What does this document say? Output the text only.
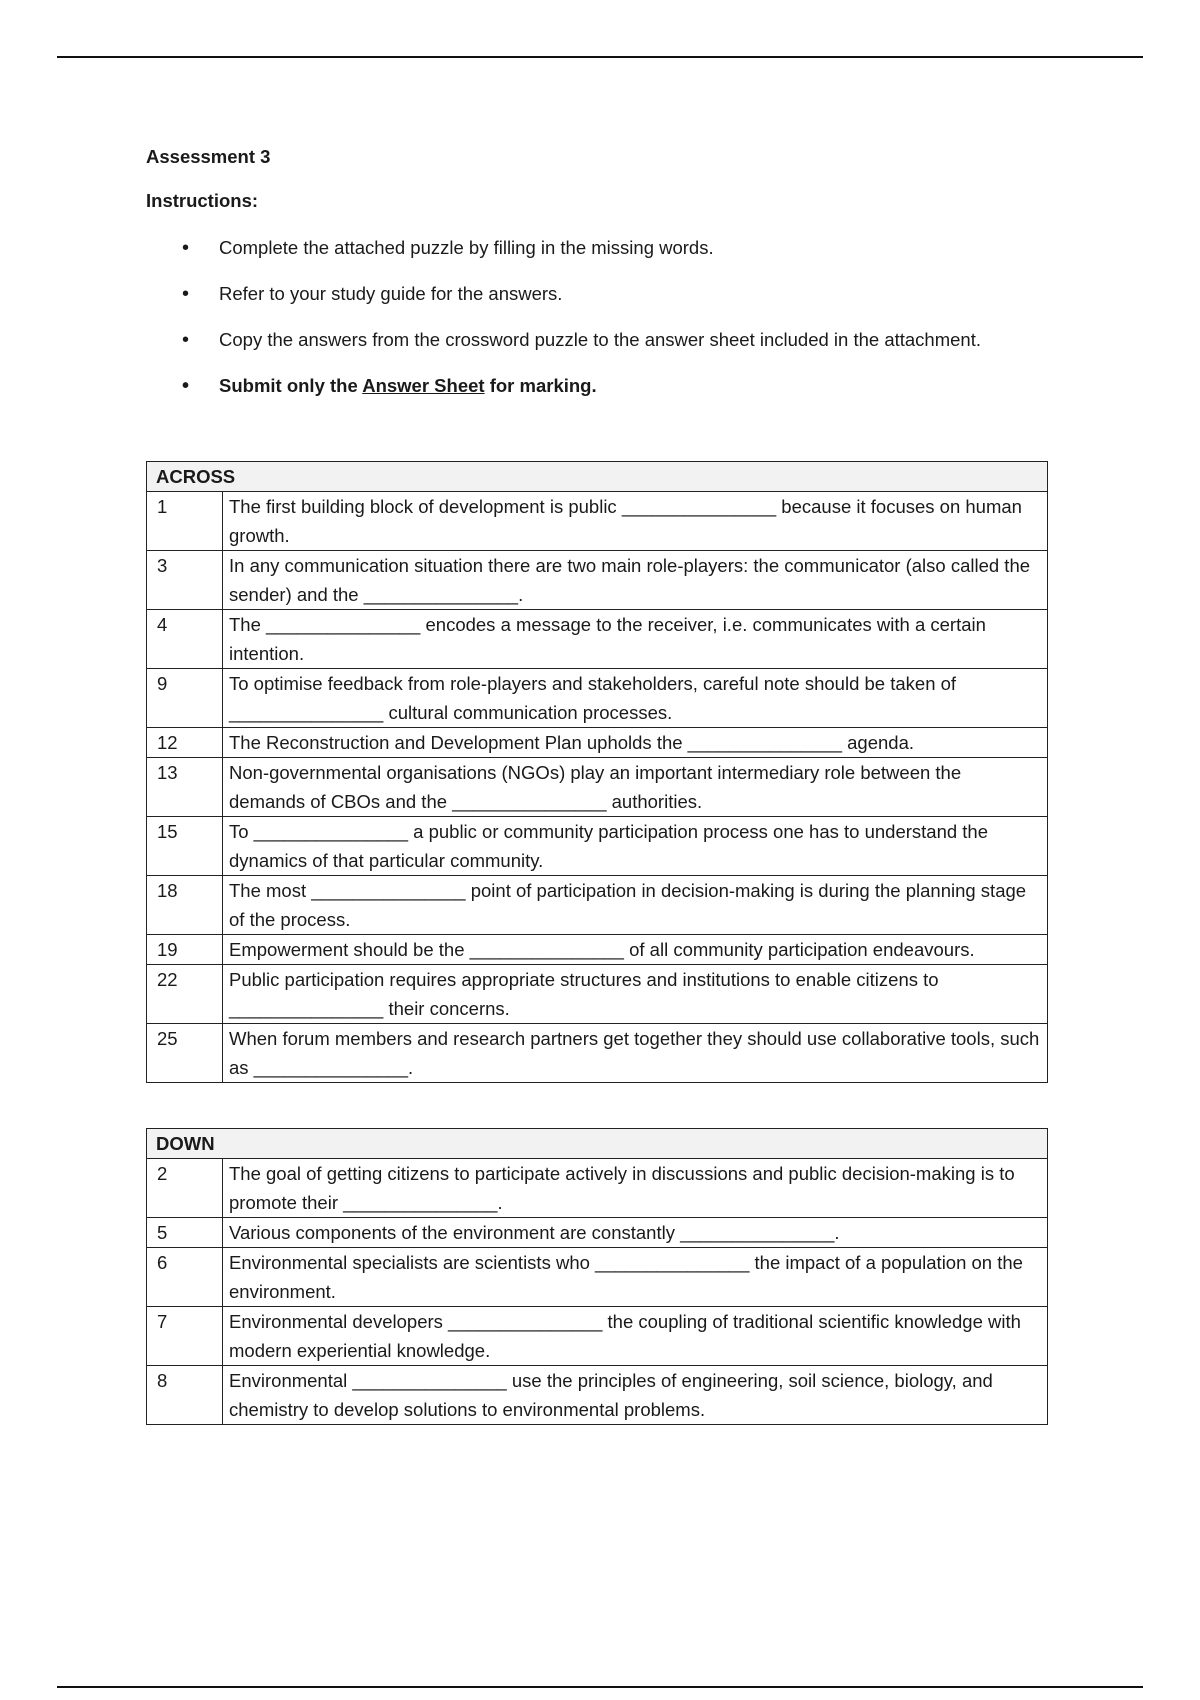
Assessment 3

Instructions:

• Complete the attached puzzle by filling in the missing words.
• Refer to your study guide for the answers.
• Copy the answers from the crossword puzzle to the answer sheet included in the attachment.
• Submit only the Answer Sheet for marking.
ACROSS	
1	The first building block of development is public _______________ because it focuses on human growth.
3	In any communication situation there are two main role-players: the communicator (also called the sender) and the _______________.
4	The _______________ encodes a message to the receiver, i.e. communicates with a certain intention.
9	To optimise feedback from role-players and stakeholders, careful note should be taken of _______________ cultural communication processes.
12	The Reconstruction and Development Plan upholds the _______________ agenda.
13	Non-governmental organisations (NGOs) play an important intermediary role between the demands of CBOs and the _______________ authorities.
15	To _______________ a public or community participation process one has to understand the dynamics of that particular community.
18	The most _______________ point of participation in decision-making is during the planning stage of the process.
19	Empowerment should be the _______________ of all community participation endeavours.
22	Public participation requires appropriate structures and institutions to enable citizens to _______________ their concerns.
25	When forum members and research partners get together they should use collaborative tools, such as _______________.
DOWN	
2	The goal of getting citizens to participate actively in discussions and public decision-making is to promote their _______________.
5	Various components of the environment are constantly _______________.
6	Environmental specialists are scientists who _______________ the impact of a population on the environment.
7	Environmental developers _______________ the coupling of traditional scientific knowledge with modern experiential knowledge.
8	Environmental _______________ use the principles of engineering, soil science, biology, and chemistry to develop solutions to environmental problems.
